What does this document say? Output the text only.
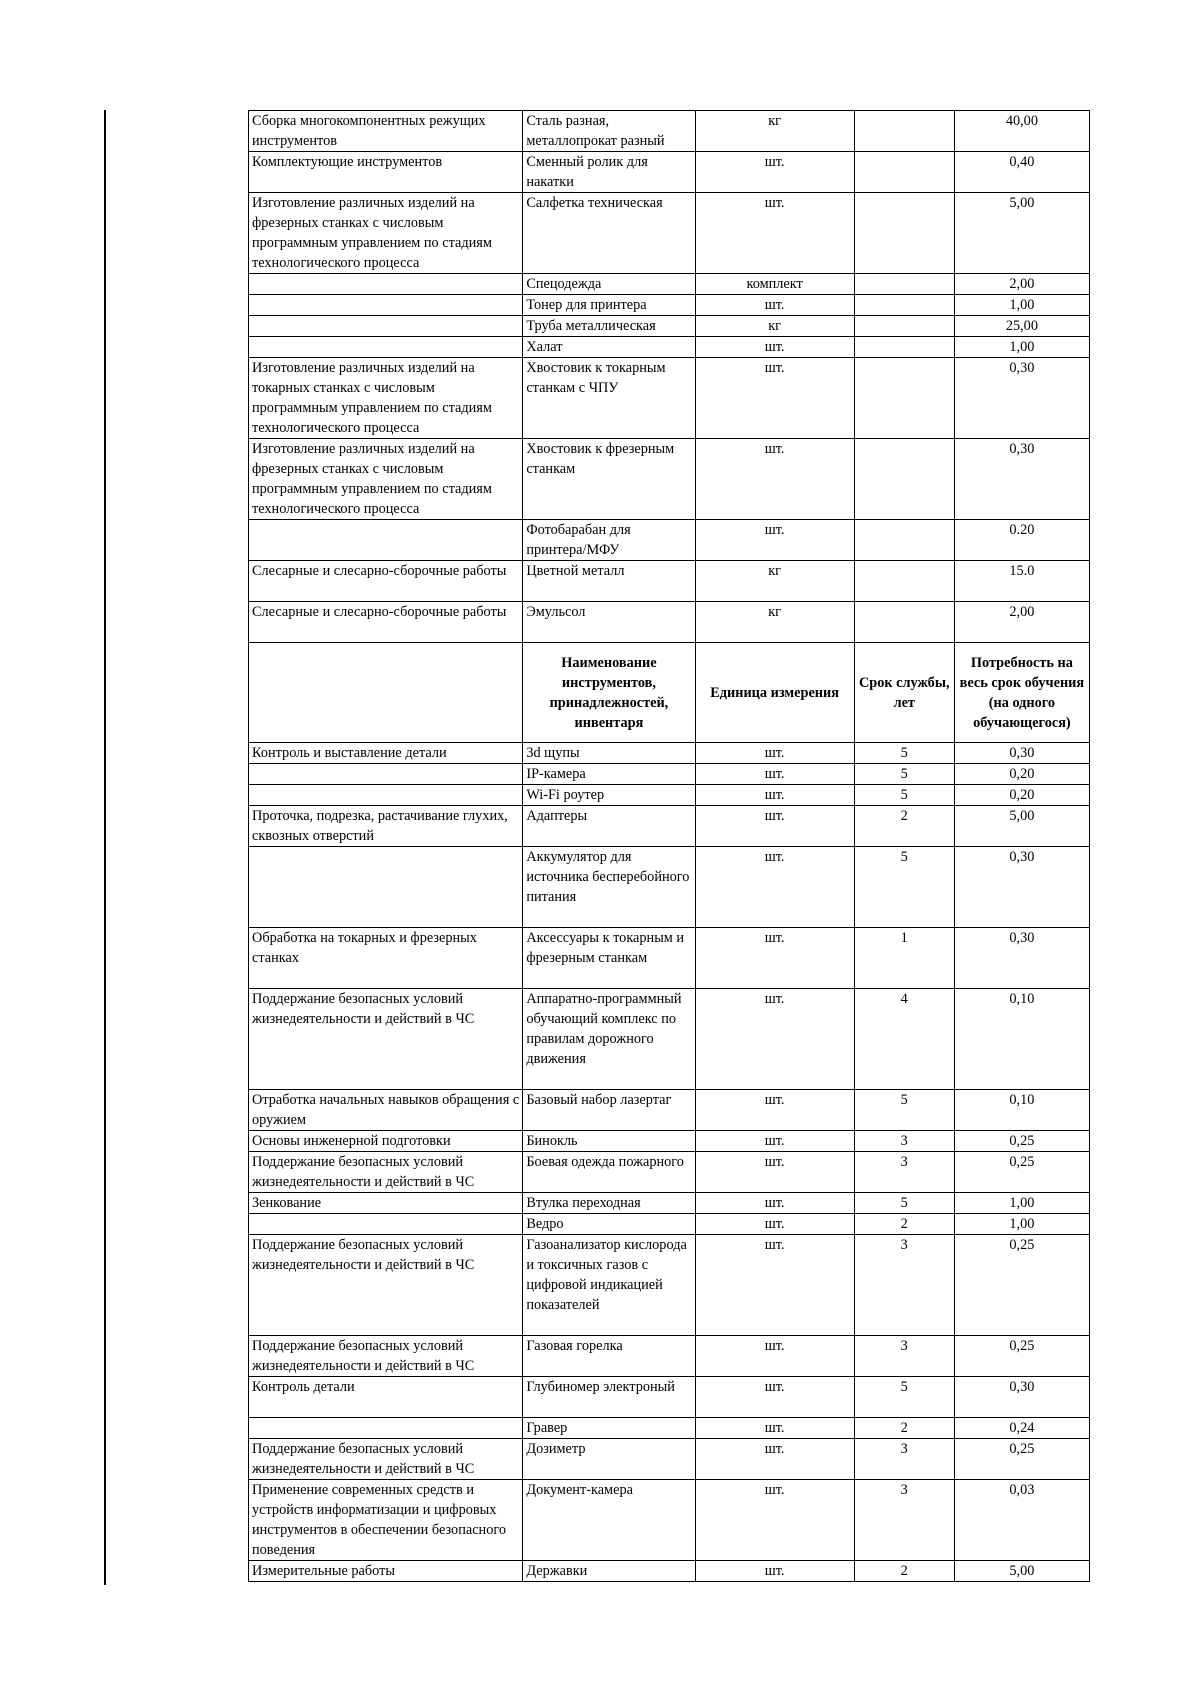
Сборка многокомпонентных режущих инструментов	Сталь разная, металлопрокат разный	кг		40,00
Комплектующие инструментов	Сменный ролик для накатки	шт.		0,40
Изготовление различных изделий на фрезерных станках с числовым программным управлением по стадиям технологического процесса	Салфетка техническая	шт.		5,00
	Спецодежда	комплект		2,00
	Тонер для принтера	шт.		1,00
	Труба металлическая	кг		25,00
	Халат	шт.		1,00
Изготовление различных изделий на токарных станках с числовым программным управлением по стадиям технологического процесса	Хвостовик к токарным станкам с ЧПУ	шт.		0,30
Изготовление различных изделий на фрезерных станках с числовым программным управлением по стадиям технологического процесса	Хвостовик к фрезерным станкам	шт.		0,30
	Фотобарабан для принтера/МФУ	шт.		0.20
Слесарные и слесарно-сборочные работы	Цветной металл	кг		15.0
Слесарные и слесарно-сборочные работы	Эмульсол	кг		2,00
	Наименование инструментов, принадлежностей, инвентаря	Единица измерения	Срок службы, лет	Потребность на весь срок обучения (на одного обучающегося)
Контроль и выставление детали	3d щупы	шт.	5	0,30
	IP-камера	шт.	5	0,20
	Wi-Fi роутер	шт.	5	0,20
Проточка, подрезка, растачивание глухих, сквозных отверстий	Адаптеры	шт.	2	5,00
	Аккумулятор для источника бесперебойного питания	шт.	5	0,30
Обработка на токарных и фрезерных станках	Аксессуары к токарным и фрезерным станкам	шт.	1	0,30
Поддержание безопасных условий жизнедеятельности и действий в ЧС	Аппаратно-программный обучающий комплекс по правилам дорожного движения	шт.	4	0,10
Отработка начальных навыков обращения с оружием	Базовый набор лазертаг	шт.	5	0,10
Основы инженерной подготовки	Бинокль	шт.	3	0,25
Поддержание безопасных условий жизнедеятельности и действий в ЧС	Боевая одежда пожарного	шт.	3	0,25
Зенкование	Втулка переходная	шт.	5	1,00
	Ведро	шт.	2	1,00
Поддержание безопасных условий жизнедеятельности и действий в ЧС	Газоанализатор кислорода и токсичных газов с цифровой индикацией показателей	шт.	3	0,25
Поддержание безопасных условий жизнедеятельности и действий в ЧС	Газовая горелка	шт.	3	0,25
Контроль детали	Глубиномер электроный	шт.	5	0,30
	Гравер	шт.	2	0,24
Поддержание безопасных условий жизнедеятельности и действий в ЧС	Дозиметр	шт.	3	0,25
Применение современных средств и устройств информатизации и цифровых инструментов в обеспечении безопасного поведения	Документ-камера	шт.	3	0,03
Измерительные работы	Державки	шт.	2	5,00
